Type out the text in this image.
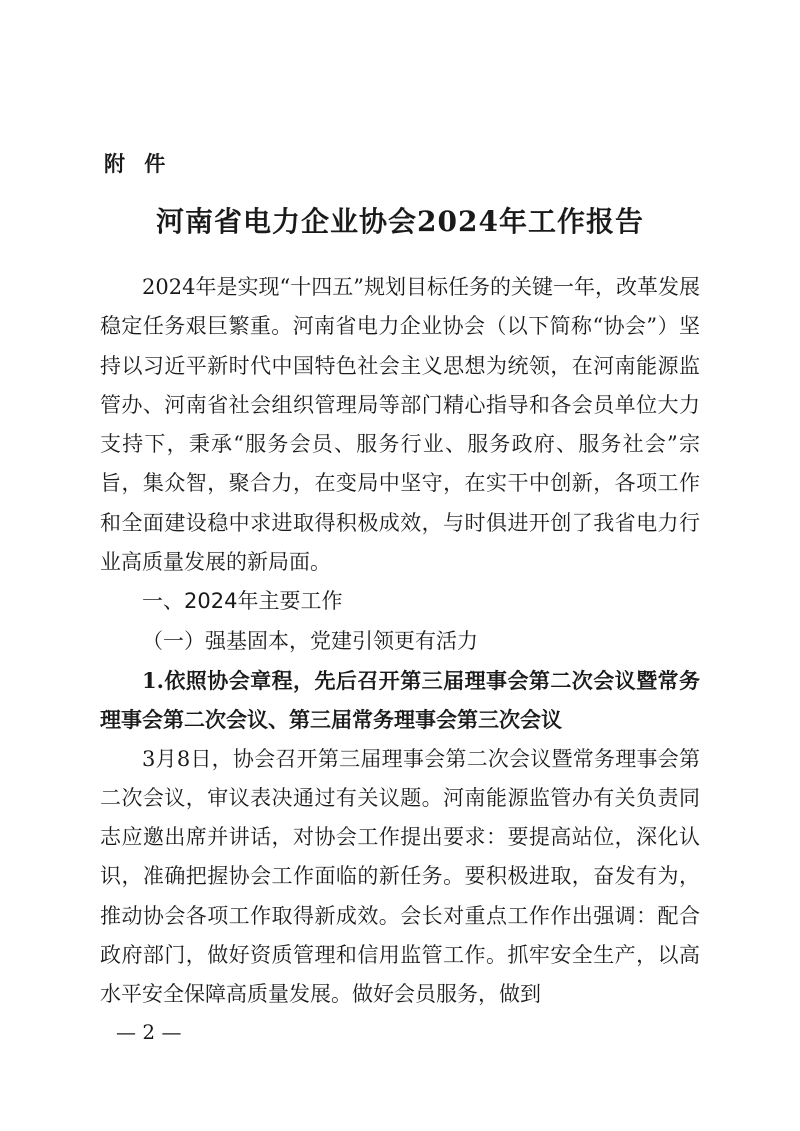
附 件
河南省电力企业协会2024年工作报告

2024年是实现“十四五”规划目标任务的关键一年，改革发展稳定任务艰巨繁重。河南省电力企业协会（以下简称“协会”）坚持以习近平新时代中国特色社会主义思想为统领，在河南能源监管办、河南省社会组织管理局等部门精心指导和各会员单位大力支持下，秉承“服务会员、服务行业、服务政府、服务社会”宗旨，集众智，聚合力，在变局中坚守，在实干中创新，各项工作和全面建设稳中求进取得积极成效，与时俱进开创了我省电力行业高质量发展的新局面。

一、2024年主要工作

（一）强基固本，党建引领更有活力

1.依照协会章程，先后召开第三届理事会第二次会议暨常务理事会第二次会议、第三届常务理事会第三次会议

3月8日，协会召开第三届理事会第二次会议暨常务理事会第二次会议，审议表决通过有关议题。河南能源监管办有关负责同志应邀出席并讲话，对协会工作提出要求：要提高站位，深化认识，准确把握协会工作面临的新任务。要积极进取，奋发有为，推动协会各项工作取得新成效。会长对重点工作作出强调：配合政府部门，做好资质管理和信用监管工作。抓牢安全生产，以高水平安全保障高质量发展。做好会员服务，做到

— 2 —
